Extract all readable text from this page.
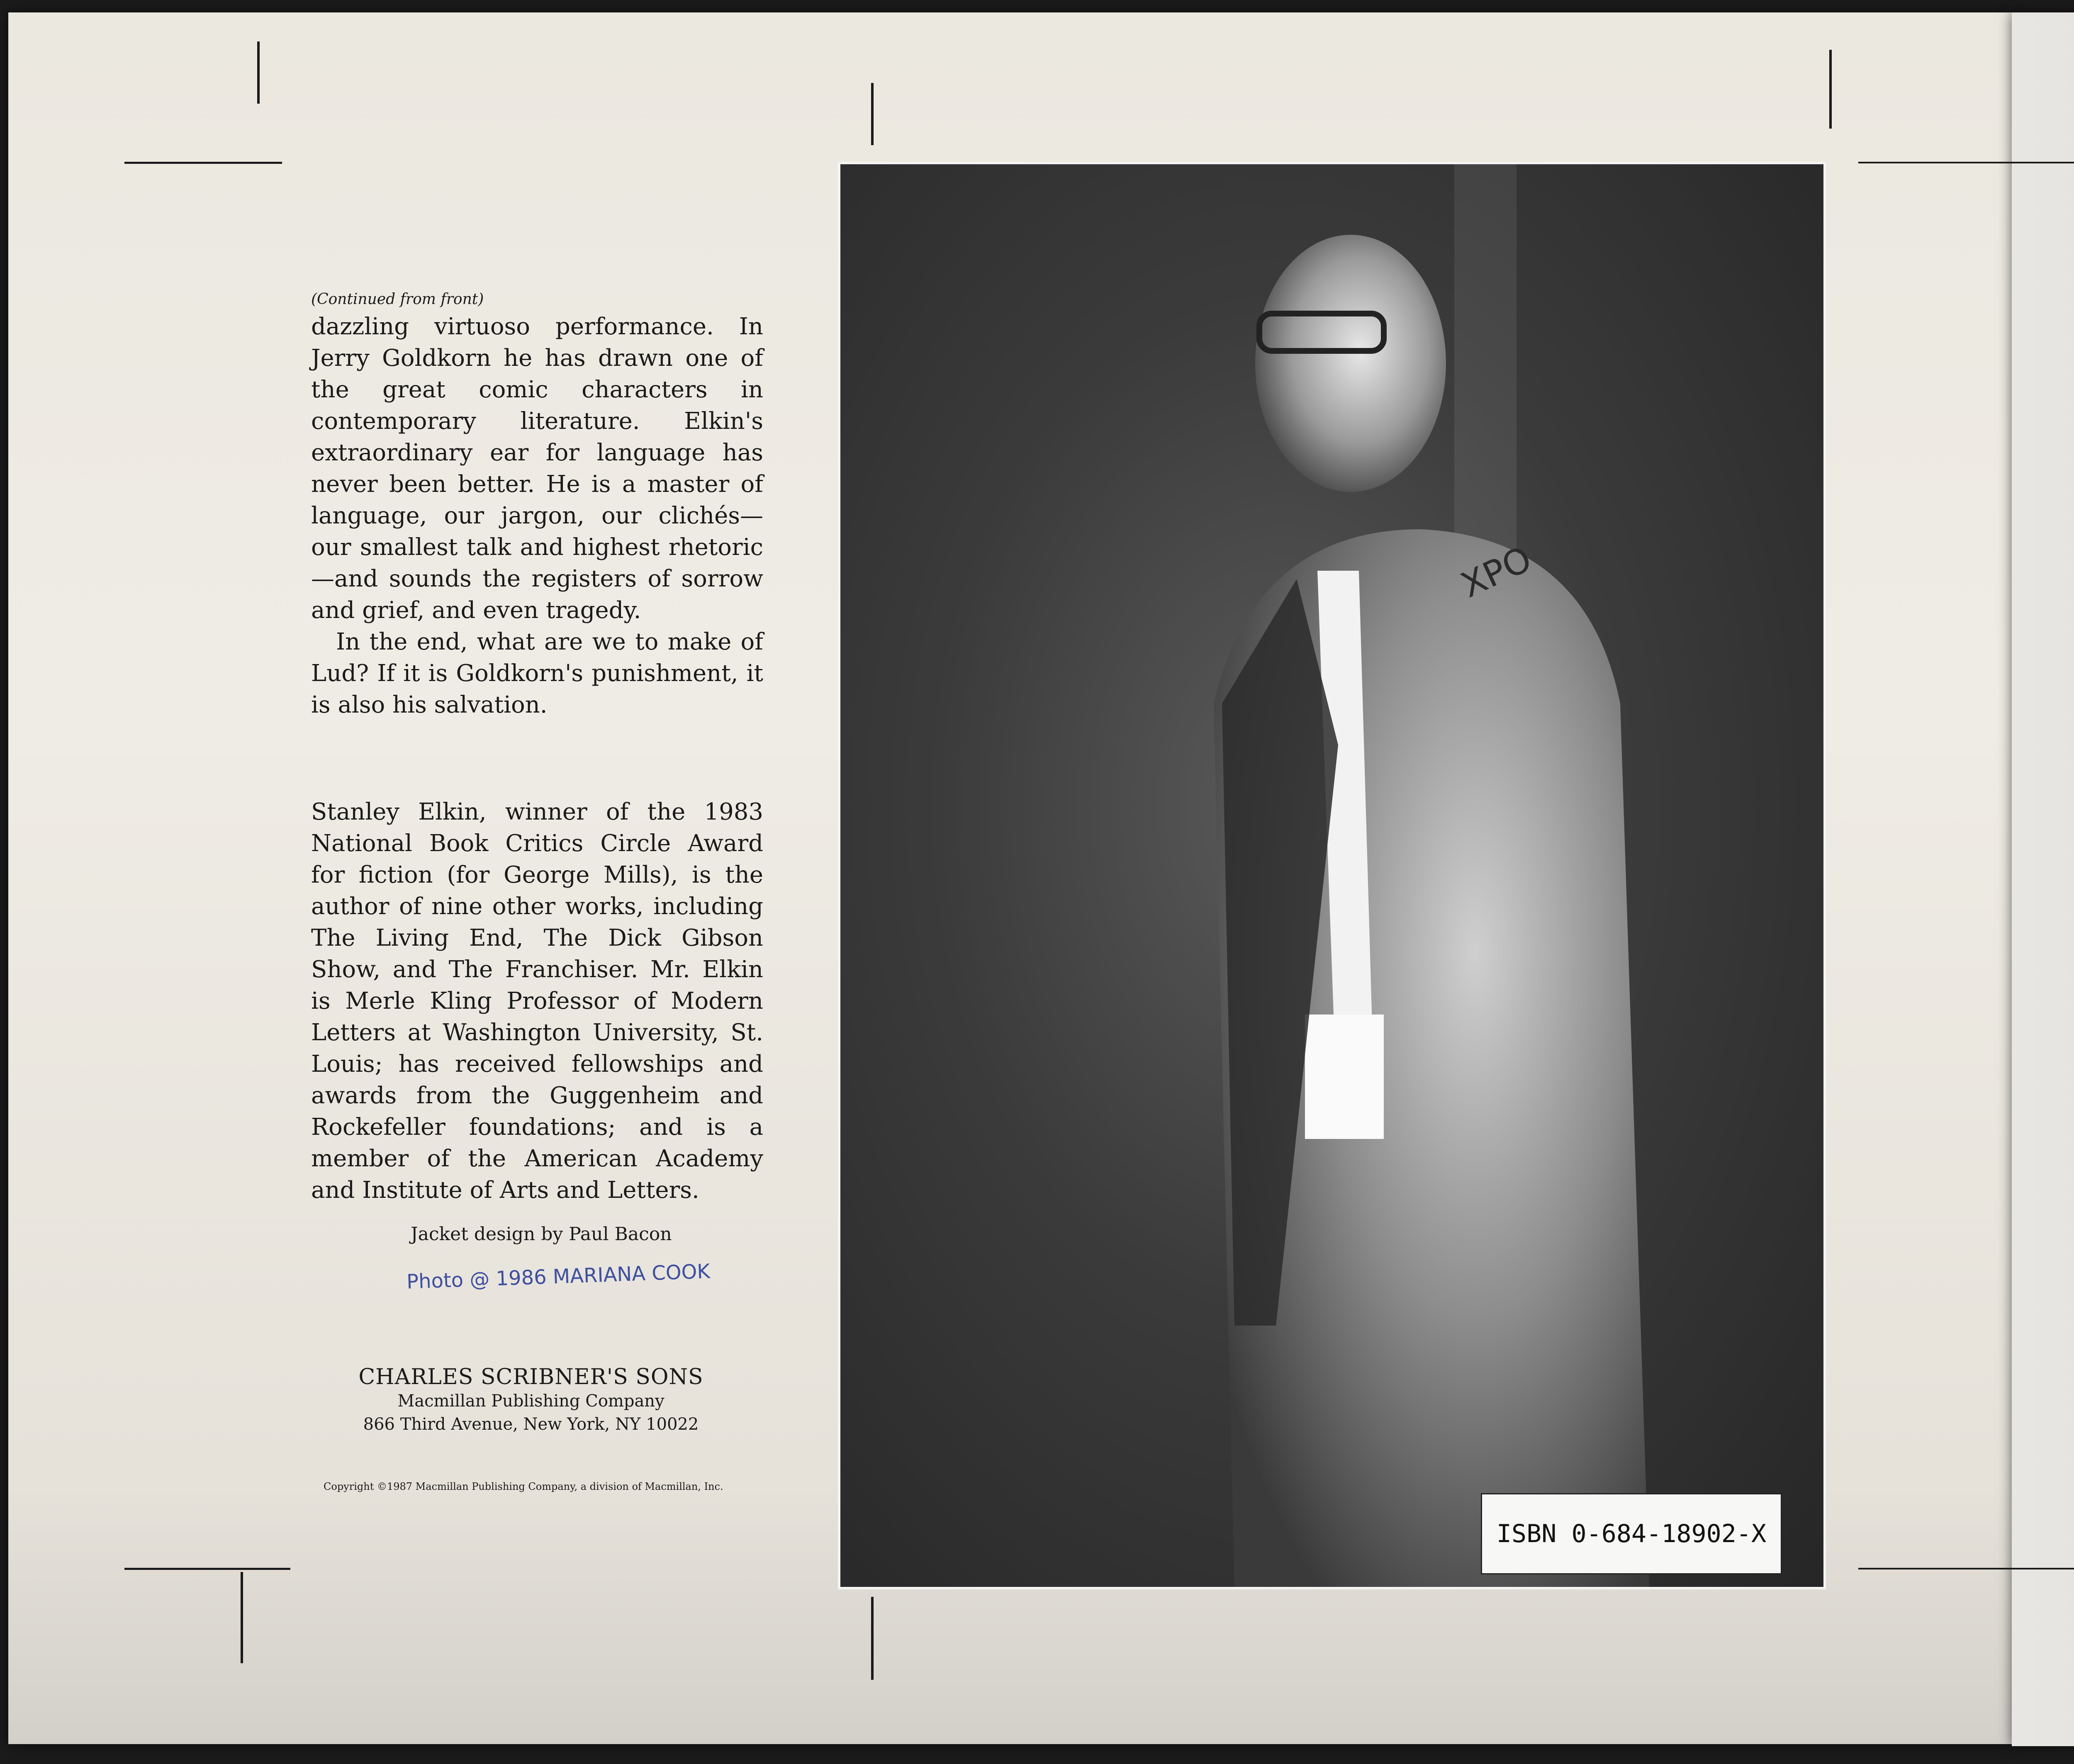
(Continued from front)

dazzling virtuoso performance. In Jerry Goldkorn he has drawn one of the great comic characters in contemporary literature. Elkin's extraordinary ear for language has never been better. He is a master of language, our jargon, our clichés—our smallest talk and highest rhetoric—and sounds the registers of sorrow and grief, and even tragedy.

In the end, what are we to make of Lud? If it is Goldkorn's punishment, it is also his salvation.

Stanley Elkin, winner of the 1983 National Book Critics Circle Award for fiction (for George Mills), is the author of nine other works, including The Living End, The Dick Gibson Show, and The Franchiser. Mr. Elkin is Merle Kling Professor of Modern Letters at Washington University, St. Louis; has received fellowships and awards from the Guggenheim and Rockefeller foundations; and is a member of the American Academy and Institute of Arts and Letters.

Jacket design by Paul Bacon
Photo @ 1986 MARIANA COOK
CHARLES SCRIBNER'S SONS
Macmillan Publishing Company
866 Third Avenue, New York, NY 10022
Copyright ©1987 Macmillan Publishing Company, a division of Macmillan, Inc.
XPO
ISBN 0-684-18902-X
